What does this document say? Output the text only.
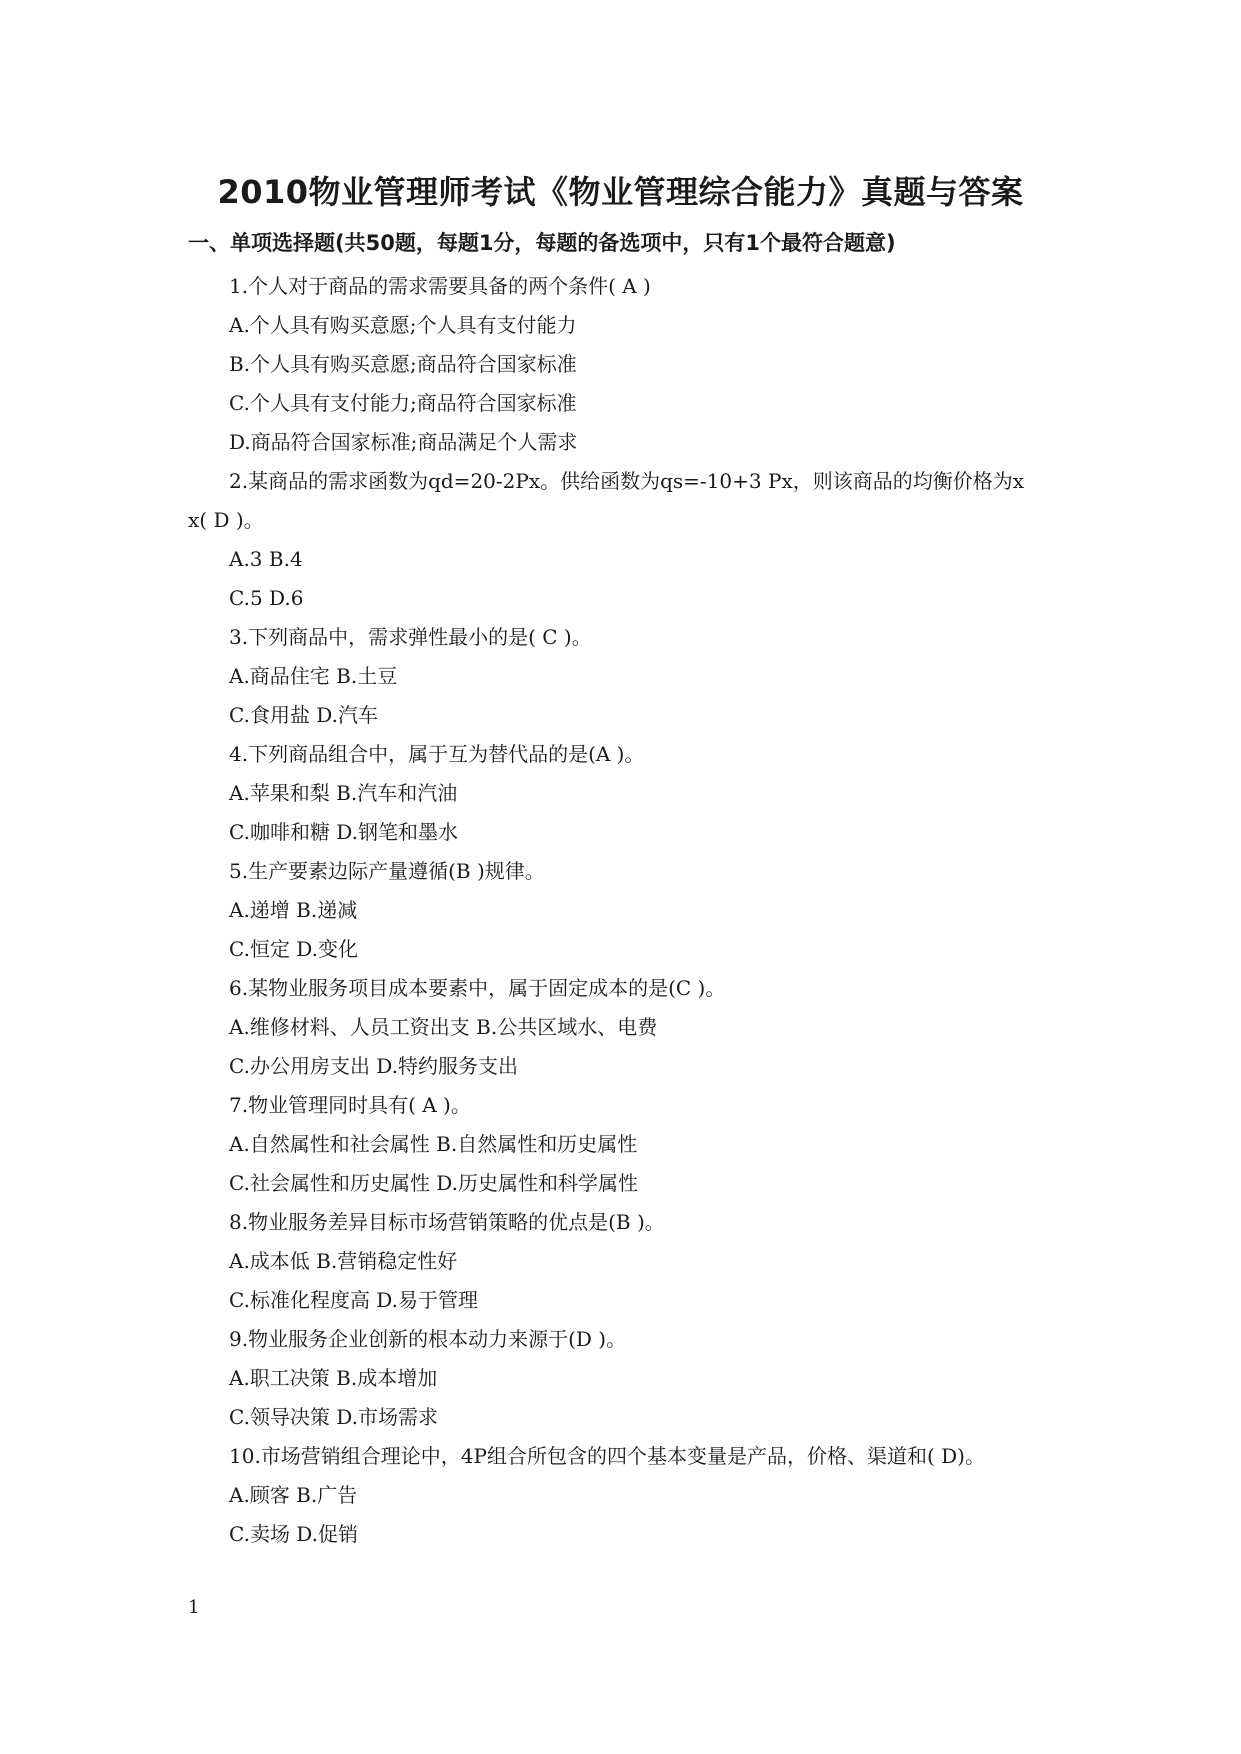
2010物业管理师考试《物业管理综合能力》真题与答案
一、单项选择题(共50题，每题1分，每题的备选项中，只有1个最符合题意)
1.个人对于商品的需求需要具备的两个条件( A )
A.个人具有购买意愿;个人具有支付能力
B.个人具有购买意愿;商品符合国家标准
C.个人具有支付能力;商品符合国家标准
D.商品符合国家标准;商品满足个人需求
2.某商品的需求函数为qd=20-2Px。供给函数为qs=-10+3 Px，则该商品的均衡价格为x
x( D )。
A.3 B.4
C.5 D.6
3.下列商品中，需求弹性最小的是( C )。
A.商品住宅 B.土豆
C.食用盐 D.汽车
4.下列商品组合中，属于互为替代品的是(A )。
A.苹果和梨 B.汽车和汽油
C.咖啡和糖 D.钢笔和墨水
5.生产要素边际产量遵循(B )规律。
A.递增 B.递减
C.恒定 D.变化
6.某物业服务项目成本要素中，属于固定成本的是(C )。
A.维修材料、人员工资出支 B.公共区域水、电费
C.办公用房支出 D.特约服务支出
7.物业管理同时具有( A )。
A.自然属性和社会属性 B.自然属性和历史属性
C.社会属性和历史属性 D.历史属性和科学属性
8.物业服务差异目标市场营销策略的优点是(B )。
A.成本低 B.营销稳定性好
C.标准化程度高 D.易于管理
9.物业服务企业创新的根本动力来源于(D )。
A.职工决策 B.成本增加
C.领导决策 D.市场需求
10.市场营销组合理论中，4P组合所包含的四个基本变量是产品，价格、渠道和( D)。
A.顾客 B.广告
C.卖场 D.促销
1
